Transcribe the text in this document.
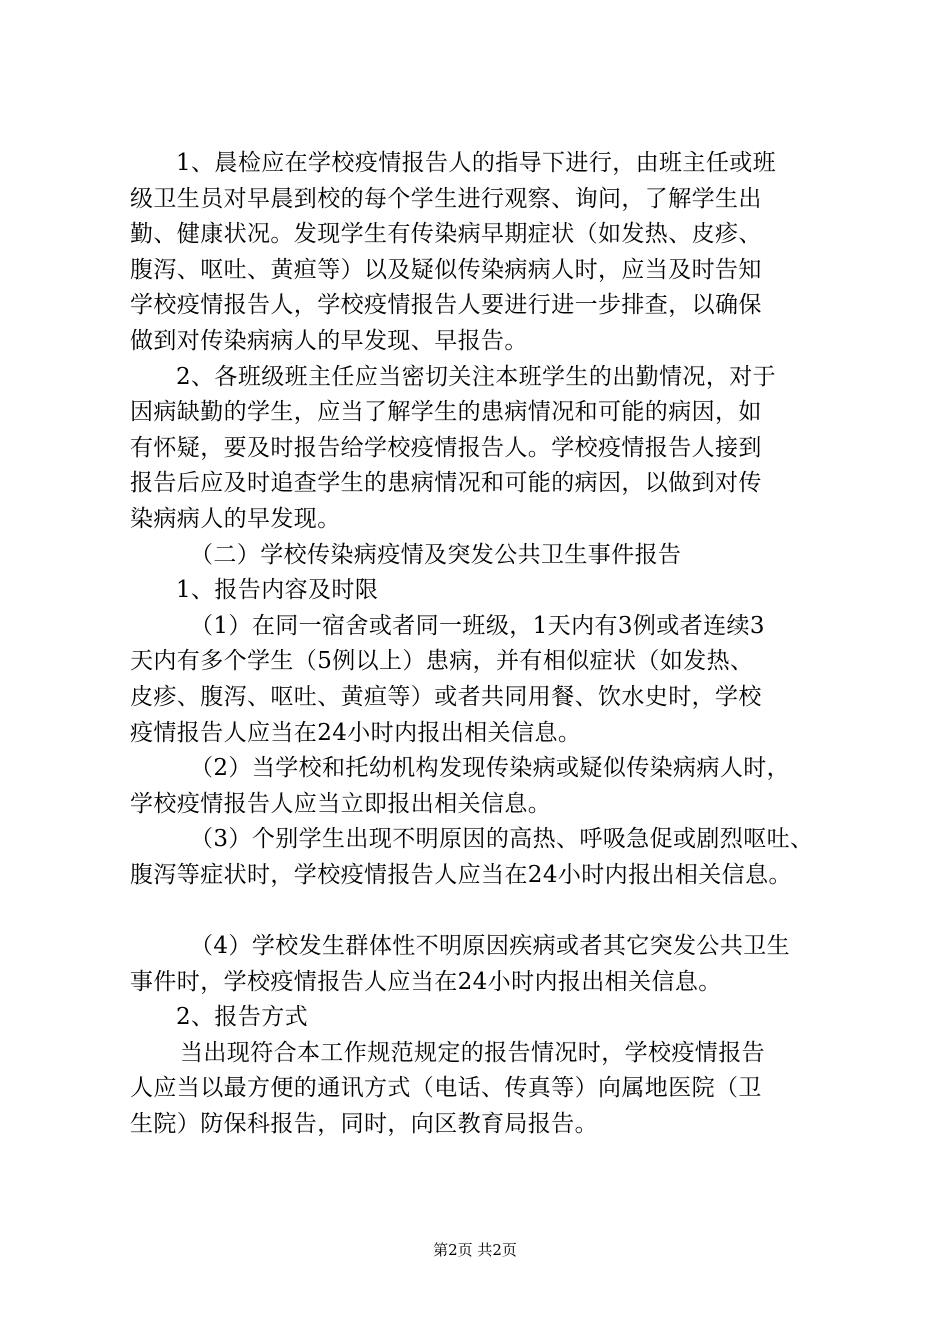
1、晨检应在学校疫情报告人的指导下进行，由班主任或班
级卫生员对早晨到校的每个学生进行观察、询问，了解学生出
勤、健康状况。发现学生有传染病早期症状（如发热、皮疹、
腹泻、呕吐、黄疸等）以及疑似传染病病人时，应当及时告知
学校疫情报告人，学校疫情报告人要进行进一步排查，以确保
做到对传染病病人的早发现、早报告。
2、各班级班主任应当密切关注本班学生的出勤情况，对于
因病缺勤的学生，应当了解学生的患病情况和可能的病因，如
有怀疑，要及时报告给学校疫情报告人。学校疫情报告人接到
报告后应及时追查学生的患病情况和可能的病因，以做到对传
染病病人的早发现。
（二）学校传染病疫情及突发公共卫生事件报告
1、报告内容及时限
（1）在同一宿舍或者同一班级，1天内有3例或者连续3
天内有多个学生（5例以上）患病，并有相似症状（如发热、
皮疹、腹泻、呕吐、黄疸等）或者共同用餐、饮水史时，学校
疫情报告人应当在24小时内报出相关信息。
（2）当学校和托幼机构发现传染病或疑似传染病病人时，
学校疫情报告人应当立即报出相关信息。
（3）个别学生出现不明原因的高热、呼吸急促或剧烈呕吐、
腹泻等症状时，学校疫情报告人应当在24小时内报出相关信息。
（4）学校发生群体性不明原因疾病或者其它突发公共卫生
事件时，学校疫情报告人应当在24小时内报出相关信息。
2、报告方式
当出现符合本工作规范规定的报告情况时，学校疫情报告
人应当以最方便的通讯方式（电话、传真等）向属地医院（卫
生院）防保科报告，同时，向区教育局报告。
第2页 共2页
